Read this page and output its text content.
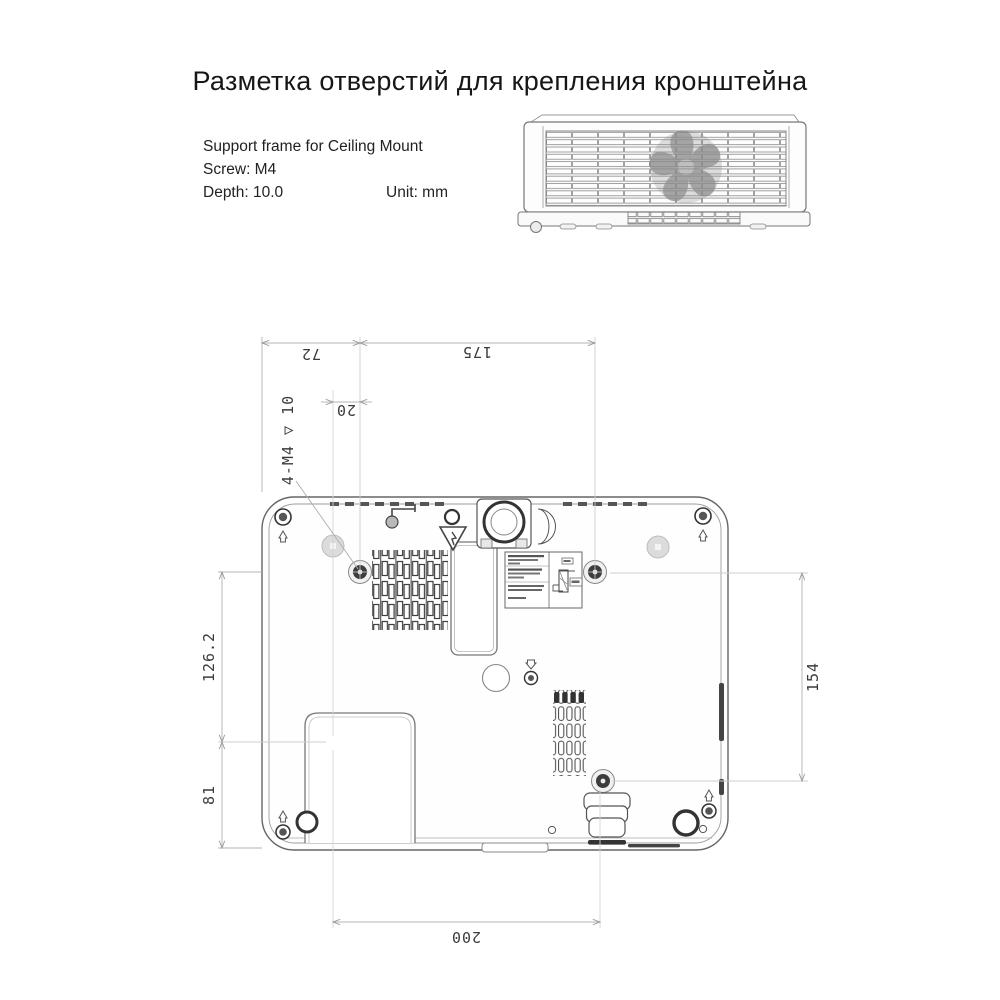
Разметка отверстий для крепления кронштейна
Support frame for Ceiling Mount
Screw: M4
Depth: 10.0	Unit: mm
72	175
20
4-M4 ▽ 10
126.2
81
154
200
